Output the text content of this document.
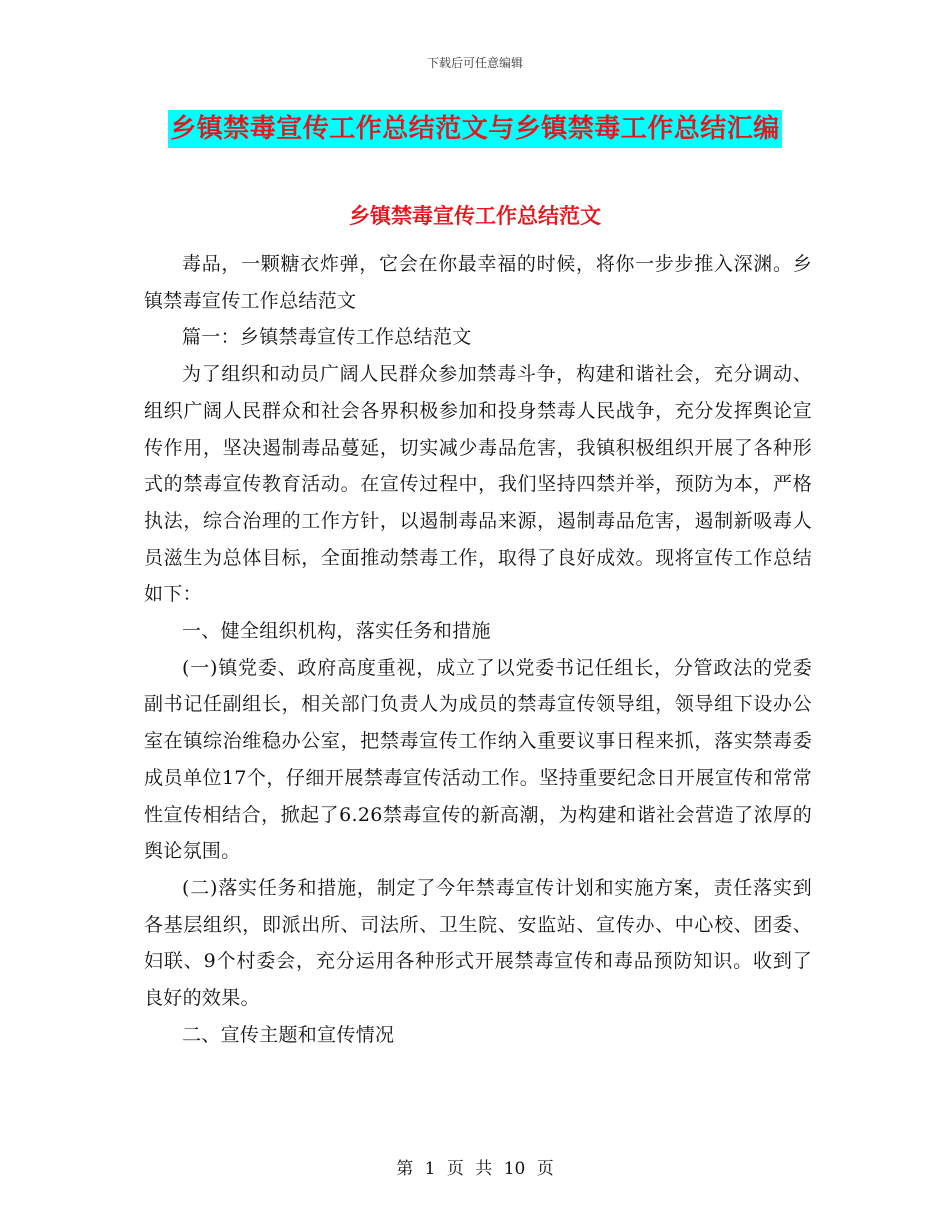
下载后可任意编辑
乡镇禁毒宣传工作总结范文与乡镇禁毒工作总结汇编
乡镇禁毒宣传工作总结范文

毒品，一颗糖衣炸弹，它会在你最幸福的时候，将你一步步推入深渊。乡镇禁毒宣传工作总结范文

篇一：乡镇禁毒宣传工作总结范文

为了组织和动员广阔人民群众参加禁毒斗争，构建和谐社会，充分调动、组织广阔人民群众和社会各界积极参加和投身禁毒人民战争，充分发挥舆论宣传作用，坚决遏制毒品蔓延，切实减少毒品危害，我镇积极组织开展了各种形式的禁毒宣传教育活动。在宣传过程中，我们坚持四禁并举，预防为本，严格执法，综合治理的工作方针，以遏制毒品来源，遏制毒品危害，遏制新吸毒人员滋生为总体目标，全面推动禁毒工作，取得了良好成效。现将宣传工作总结如下：

一、健全组织机构，落实任务和措施

(一)镇党委、政府高度重视，成立了以党委书记任组长，分管政法的党委副书记任副组长，相关部门负责人为成员的禁毒宣传领导组，领导组下设办公室在镇综治维稳办公室，把禁毒宣传工作纳入重要议事日程来抓，落实禁毒委成员单位17个，仔细开展禁毒宣传活动工作。坚持重要纪念日开展宣传和常常性宣传相结合，掀起了6.26禁毒宣传的新高潮，为构建和谐社会营造了浓厚的舆论氛围。

(二)落实任务和措施，制定了今年禁毒宣传计划和实施方案，责任落实到各基层组织，即派出所、司法所、卫生院、安监站、宣传办、中心校、团委、妇联、9个村委会，充分运用各种形式开展禁毒宣传和毒品预防知识。收到了良好的效果。

二、宣传主题和宣传情况

第 1 页 共 10 页
